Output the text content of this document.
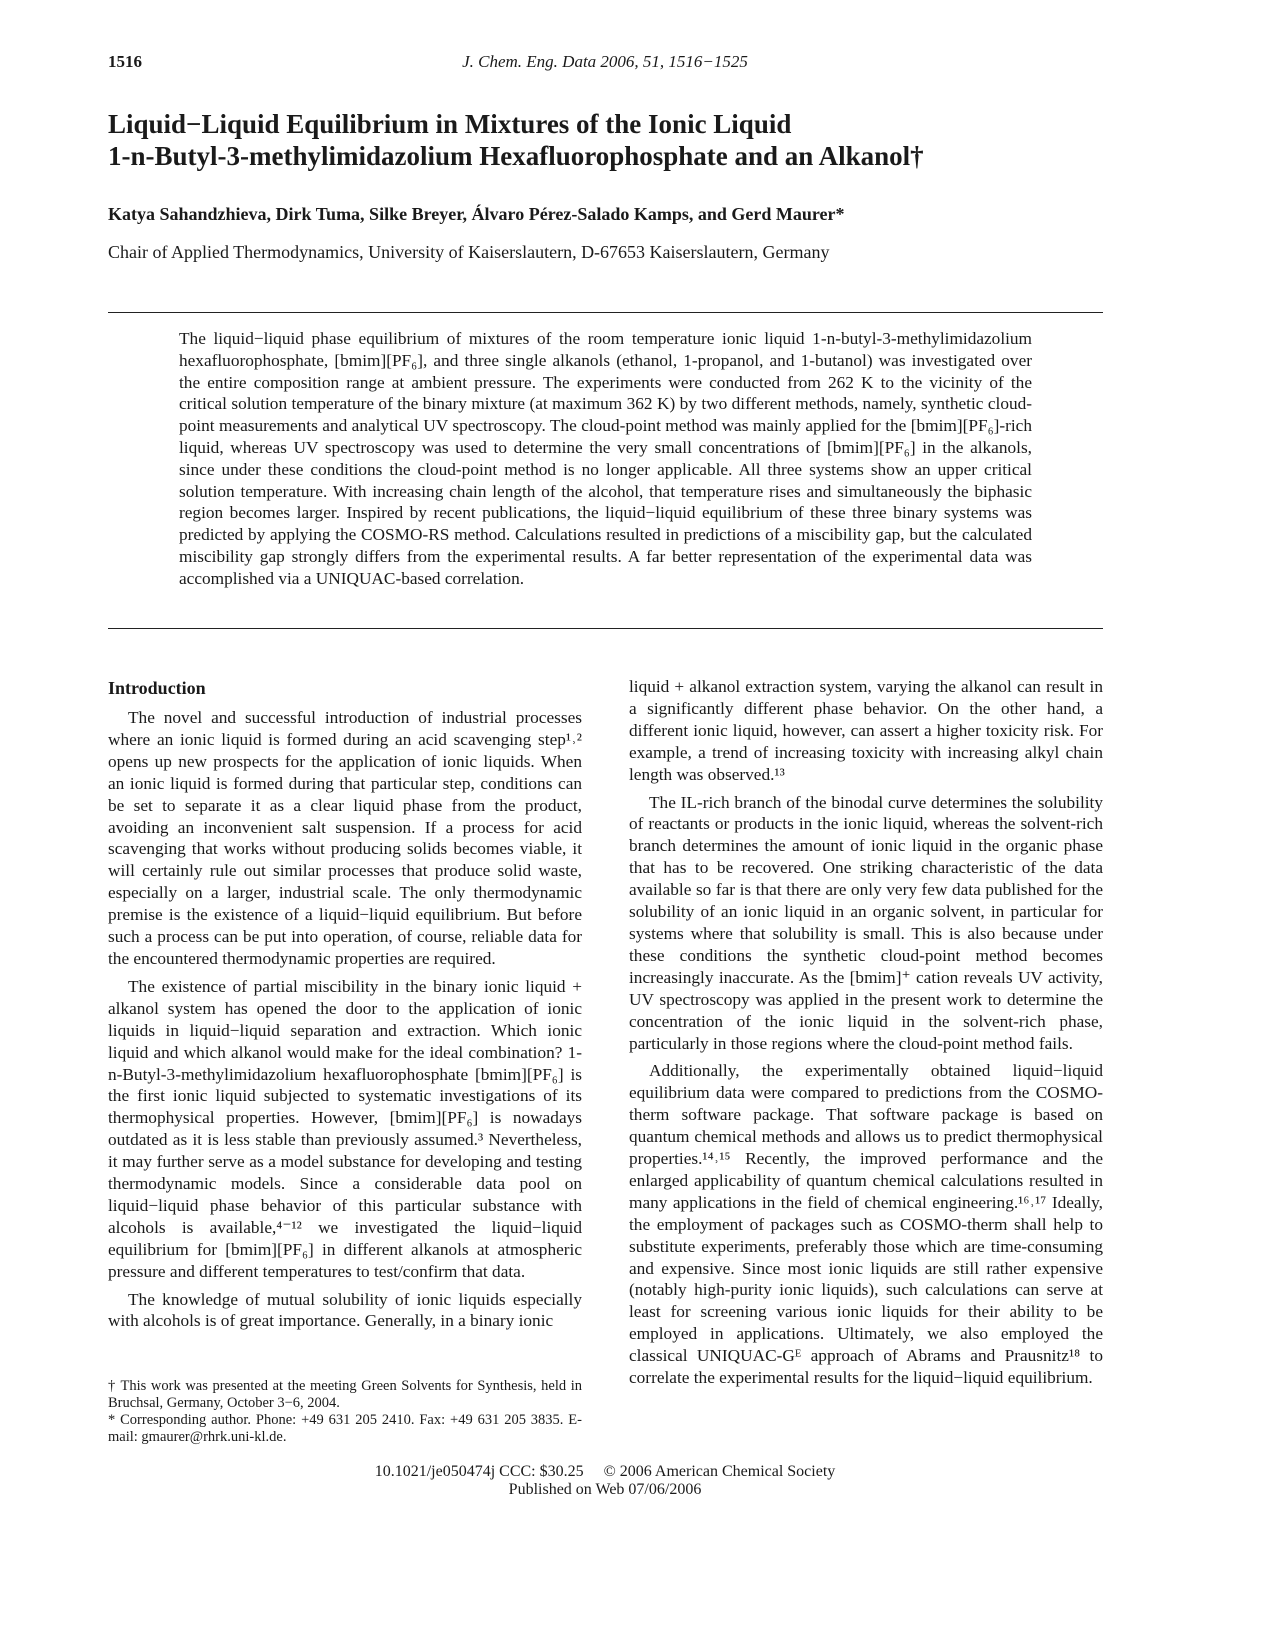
1516	J. Chem. Eng. Data 2006, 51, 1516−1525
Liquid−Liquid Equilibrium in Mixtures of the Ionic Liquid
1-n-Butyl-3-methylimidazolium Hexafluorophosphate and an Alkanol†
Katya Sahandzhieva, Dirk Tuma, Silke Breyer, Álvaro Pérez-Salado Kamps, and Gerd Maurer*
Chair of Applied Thermodynamics, University of Kaiserslautern, D-67653 Kaiserslautern, Germany
The liquid−liquid phase equilibrium of mixtures of the room temperature ionic liquid 1-n-butyl-3-methylimidazolium hexafluorophosphate, [bmim][PF₆], and three single alkanols (ethanol, 1-propanol, and 1-butanol) was investigated over the entire composition range at ambient pressure. The experiments were conducted from 262 K to the vicinity of the critical solution temperature of the binary mixture (at maximum 362 K) by two different methods, namely, synthetic cloud-point measurements and analytical UV spectroscopy. The cloud-point method was mainly applied for the [bmim][PF₆]-rich liquid, whereas UV spectroscopy was used to determine the very small concentrations of [bmim][PF₆] in the alkanols, since under these conditions the cloud-point method is no longer applicable. All three systems show an upper critical solution temperature. With increasing chain length of the alcohol, that temperature rises and simultaneously the biphasic region becomes larger. Inspired by recent publications, the liquid−liquid equilibrium of these three binary systems was predicted by applying the COSMO-RS method. Calculations resulted in predictions of a miscibility gap, but the calculated miscibility gap strongly differs from the experimental results. A far better representation of the experimental data was accomplished via a UNIQUAC-based correlation.
Introduction

The novel and successful introduction of industrial processes where an ionic liquid is formed during an acid scavenging step¹˒² opens up new prospects for the application of ionic liquids. When an ionic liquid is formed during that particular step, conditions can be set to separate it as a clear liquid phase from the product, avoiding an inconvenient salt suspension. If a process for acid scavenging that works without producing solids becomes viable, it will certainly rule out similar processes that produce solid waste, especially on a larger, industrial scale. The only thermodynamic premise is the existence of a liquid−liquid equilibrium. But before such a process can be put into operation, of course, reliable data for the encountered thermodynamic properties are required.

The existence of partial miscibility in the binary ionic liquid + alkanol system has opened the door to the application of ionic liquids in liquid−liquid separation and extraction. Which ionic liquid and which alkanol would make for the ideal combination? 1-n-Butyl-3-methylimidazolium hexafluorophosphate [bmim][PF₆] is the first ionic liquid subjected to systematic investigations of its thermophysical properties. However, [bmim][PF₆] is nowadays outdated as it is less stable than previously assumed.³ Nevertheless, it may further serve as a model substance for developing and testing thermodynamic models. Since a considerable data pool on liquid−liquid phase behavior of this particular substance with alcohols is available,⁴⁻¹² we investigated the liquid−liquid equilibrium for [bmim][PF₆] in different alkanols at atmospheric pressure and different temperatures to test/confirm that data.

The knowledge of mutual solubility of ionic liquids especially with alcohols is of great importance. Generally, in a binary ionic

liquid + alkanol extraction system, varying the alkanol can result in a significantly different phase behavior. On the other hand, a different ionic liquid, however, can assert a higher toxicity risk. For example, a trend of increasing toxicity with increasing alkyl chain length was observed.¹³

The IL-rich branch of the binodal curve determines the solubility of reactants or products in the ionic liquid, whereas the solvent-rich branch determines the amount of ionic liquid in the organic phase that has to be recovered. One striking characteristic of the data available so far is that there are only very few data published for the solubility of an ionic liquid in an organic solvent, in particular for systems where that solubility is small. This is also because under these conditions the synthetic cloud-point method becomes increasingly inaccurate. As the [bmim]⁺ cation reveals UV activity, UV spectroscopy was applied in the present work to determine the concentration of the ionic liquid in the solvent-rich phase, particularly in those regions where the cloud-point method fails.

Additionally, the experimentally obtained liquid−liquid equilibrium data were compared to predictions from the COSMO-therm software package. That software package is based on quantum chemical methods and allows us to predict thermophysical properties.¹⁴˒¹⁵ Recently, the improved performance and the enlarged applicability of quantum chemical calculations resulted in many applications in the field of chemical engineering.¹⁶˒¹⁷ Ideally, the employment of packages such as COSMO-therm shall help to substitute experiments, preferably those which are time-consuming and expensive. Since most ionic liquids are still rather expensive (notably high-purity ionic liquids), such calculations can serve at least for screening various ionic liquids for their ability to be employed in applications. Ultimately, we also employed the classical UNIQUAC-Gᴱ approach of Abrams and Prausnitz¹⁸ to correlate the experimental results for the liquid−liquid equilibrium.

† This work was presented at the meeting Green Solvents for Synthesis, held in Bruchsal, Germany, October 3−6, 2004.
* Corresponding author. Phone: +49 631 205 2410. Fax: +49 631 205 3835. E-mail: gmaurer@rhrk.uni-kl.de.
10.1021/je050474j CCC: $30.25     © 2006 American Chemical Society
Published on Web 07/06/2006
